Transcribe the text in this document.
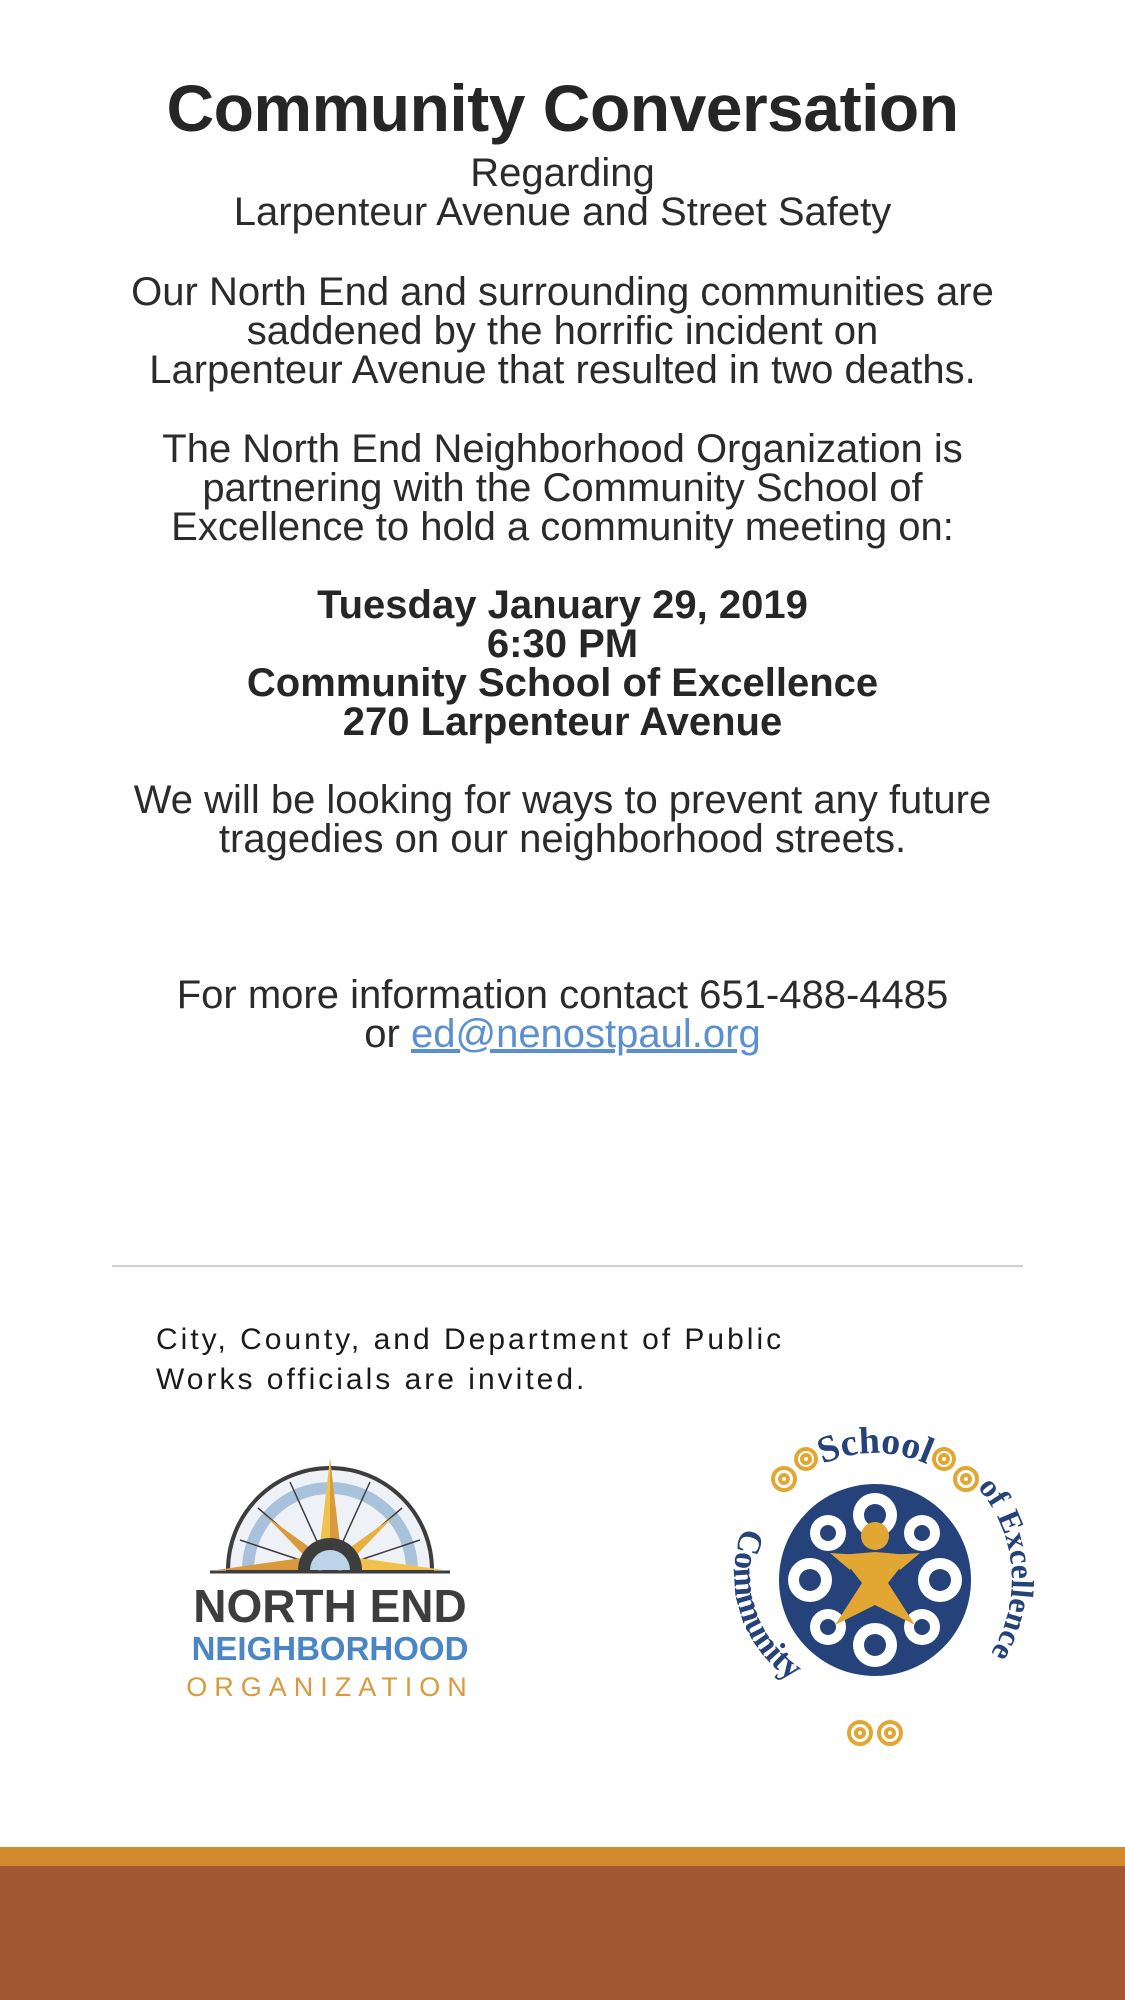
Community Conversation
Regarding
Larpenteur Avenue and Street Safety
Our North End and surrounding communities are
saddened by the horrific incident on
Larpenteur Avenue that resulted in two deaths.
The North End Neighborhood Organization is
partnering with the Community School of
Excellence to hold a community meeting on:
Tuesday January 29, 2019
6:30 PM
Community School of Excellence
270 Larpenteur Avenue
We will be looking for ways to prevent any future
tragedies on our neighborhood streets.
For more information contact 651-488-4485
or ed@nenostpaul.org
City, County, and Department of Public
Works officials are invited.
NORTH END
NEIGHBORHOOD
ORGANIZATION
School
Community
of Excellence
